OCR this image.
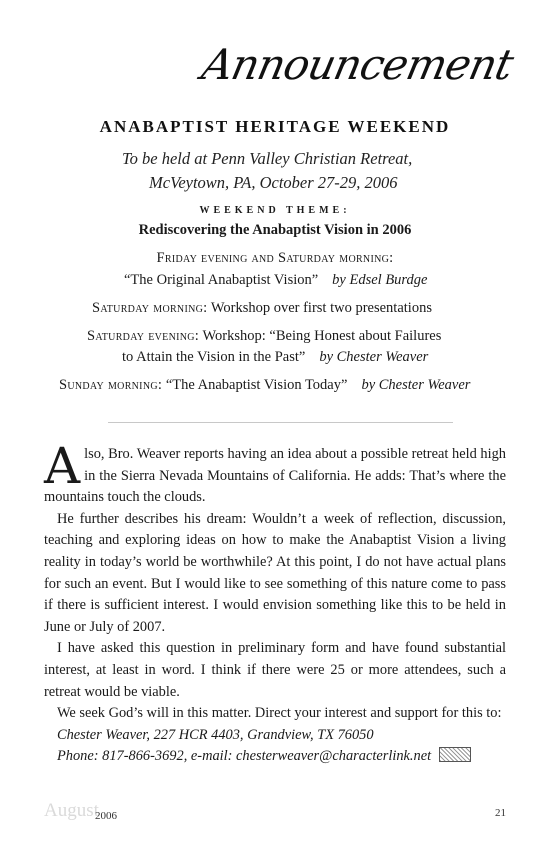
Announcement
ANABAPTIST HERITAGE WEEKEND
To be held at Penn Valley Christian Retreat,
McVeytown, PA, October 27-29, 2006
WEEKEND THEME:
Rediscovering the Anabaptist Vision in 2006
Friday evening and Saturday morning:
“The Original Anabaptist Vision” by Edsel Burdge
Saturday morning: Workshop over first two presentations
Saturday evening: Workshop: “Being Honest about Failures
to Attain the Vision in the Past” by Chester Weaver
Sunday morning: “The Anabaptist Vision Today” by Chester Weaver

Also, Bro. Weaver reports having an idea about a possible retreat held high in the Sierra Nevada Mountains of California. He adds: That’s where the mountains touch the clouds.

He further describes his dream: Wouldn’t a week of reflection, discussion, teaching and exploring ideas on how to make the Anabaptist Vision a living reality in today’s world be worthwhile? At this point, I do not have actual plans for such an event. But I would like to see something of this nature come to pass if there is sufficient interest. I would envision something like this to be held in June or July of 2007.

I have asked this question in preliminary form and have found substantial interest, at least in word. I think if there were 25 or more attendees, such a retreat would be viable.

We seek God’s will in this matter. Direct your interest and support for this to:

Chester Weaver, 227 HCR 4403, Grandview, TX 76050
Phone: 817-866-3692, e-mail: chesterweaver@characterlink.net
August
2006	21
